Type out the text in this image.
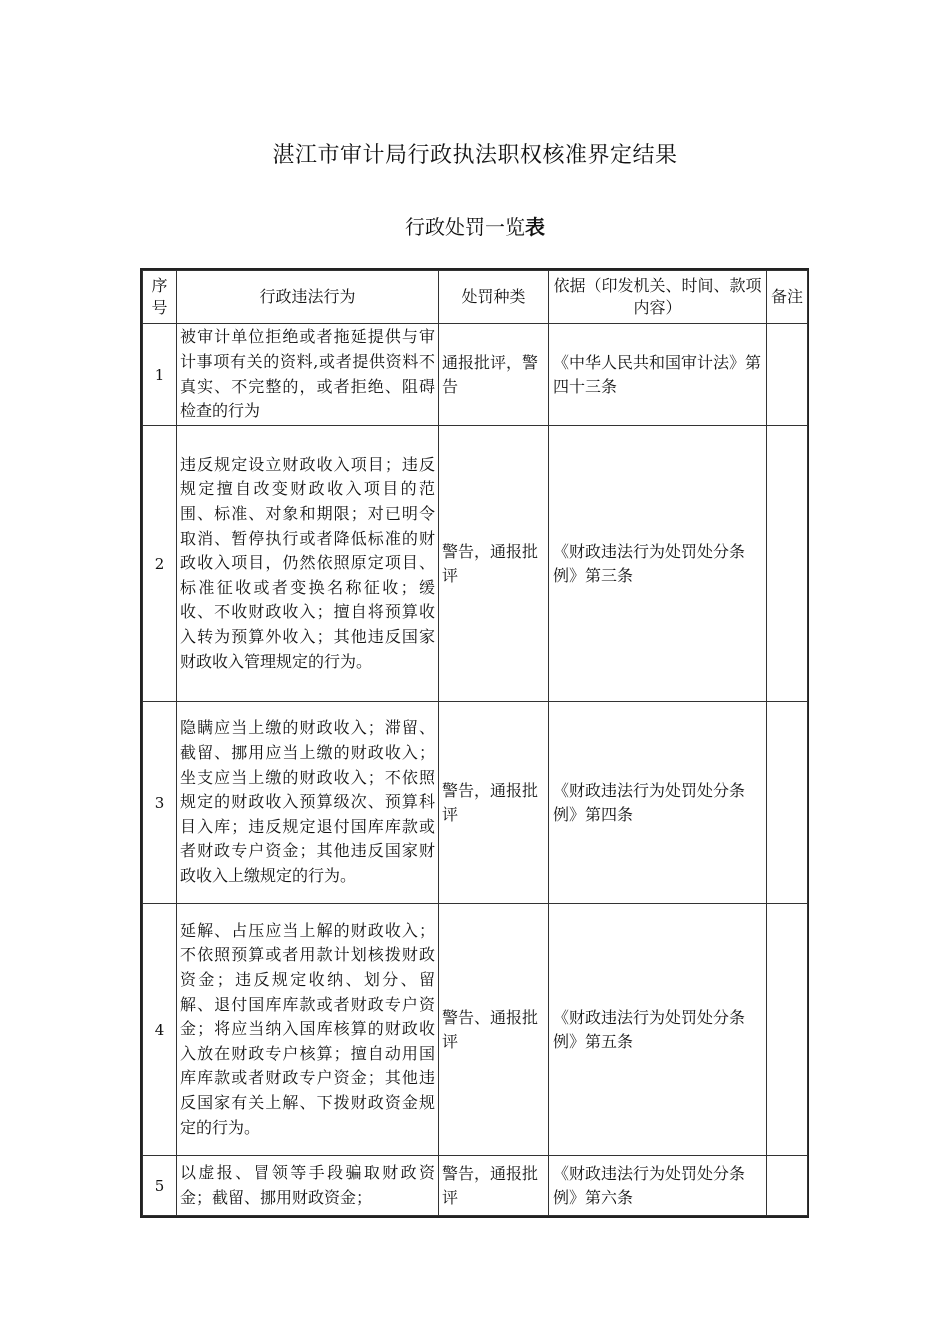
湛江市审计局行政执法职权核准界定结果
行政处罚一览表
序号	行政违法行为	处罚种类	依据（印发机关、时间、款项内容）	备注
1	被审计单位拒绝或者拖延提供与审计事项有关的资料,或者提供资料不真实、不完整的，或者拒绝、阻碍检查的行为	通报批评，警告	《中华人民共和国审计法》第四十三条	
2	违反规定设立财政收入项目；违反规定擅自改变财政收入项目的范围、标准、对象和期限；对已明令取消、暂停执行或者降低标准的财政收入项目，仍然依照原定项目、标准征收或者变换名称征收；缓收、不收财政收入；擅自将预算收入转为预算外收入；其他违反国家财政收入管理规定的行为。	警告，通报批评	《财政违法行为处罚处分条例》第三条	
3	隐瞒应当上缴的财政收入；滞留、截留、挪用应当上缴的财政收入；坐支应当上缴的财政收入；不依照规定的财政收入预算级次、预算科目入库；违反规定退付国库库款或者财政专户资金；其他违反国家财政收入上缴规定的行为。	警告，通报批评	《财政违法行为处罚处分条例》第四条	
4	延解、占压应当上解的财政收入；不依照预算或者用款计划核拨财政资金；违反规定收纳、划分、留解、退付国库库款或者财政专户资金；将应当纳入国库核算的财政收入放在财政专户核算；擅自动用国库库款或者财政专户资金；其他违反国家有关上解、下拨财政资金规定的行为。	警告、通报批评	《财政违法行为处罚处分条例》第五条	
5	以虚报、冒领等手段骗取财政资金；截留、挪用财政资金；	警告，通报批评	《财政违法行为处罚处分条例》第六条	
